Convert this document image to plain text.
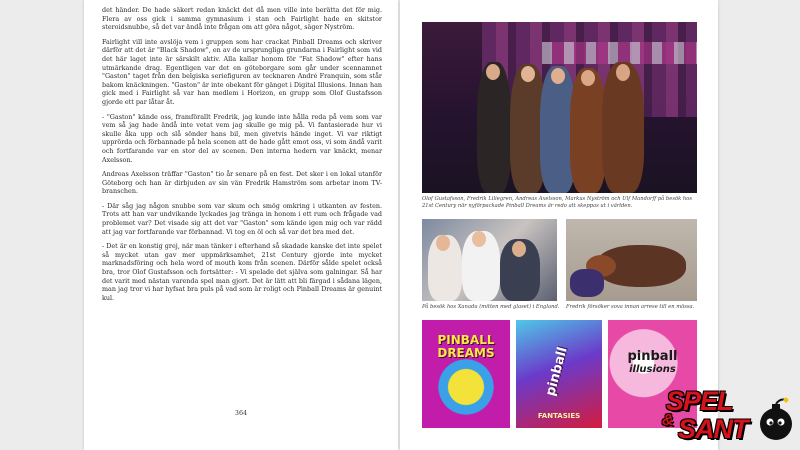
det händer. De hade säkert redan knäckt det då men ville inte berätta det för mig. Flera av oss gick i samma gymnasium i stan och Fairlight hade en skitstor steroidsnubbe, så det var ändå inte frågan om att göra något, säger Nyström.

Fairlight vill inte avslöja vem i gruppen som har crackat Pinball Dreams och skriver därför att det är "Black Shadow", en av de ursprungliga grundarna i Fairlight som vid det här laget inte är särskilt aktiv. Alla kallar honom för "Fat Shadow" efter hans utmärkande drag. Egentligen var det en göteborgare som går under scennamnet "Gaston" taget från den belgiska seriefiguren av tecknaren André Franquin, som står bakom knäckningen. "Gaston" är inte obekant för gänget i Digital Illusions. Innan han gick med i Fairlight så var han medlem i Horizon, en grupp som Olof Gustafsson gjorde ett par låtar åt.

- "Gaston" kände oss, framförallt Fredrik, jag kunde inte hålla reda på vem som var vem så jag hade ändå inte vetat vem jag skulle ge mig på. Vi fantasierade hur vi skulle åka upp och slå sönder hans bil, men givetvis hände inget. Vi var riktigt upprörda och förbannade på hela scenen att de hade gått emot oss, vi som ändå varit och fortfarande var en stor del av scenen. Den interna hedern var knäckt, menar Axelsson.

Andreas Axelsson träffar "Gaston" tio år senare på en fest. Det sker i en lokal utanför Göteborg och han är dirbjuden av sin vän Fredrik Hamström som arbetar inom TV-branschen.

- Där såg jag någon snubbe som var skum och smög omkring i utkanten av festen. Trots att han var undvikande lyckades jag tränga in honom i ett rum och frågade vad problemet var? Det visade sig att det var "Gaston" som kände igen mig och var rädd att jag var fortfarande var förbannad. Vi tog en öl och så var det bra med det.

- Det är en konstig grej, när man tänker i efterhand så skadade kanske det inte spelet så mycket utan gav mer uppmärksamhet, 21st Century gjorde inte mycket marknadsföring och hela word of mouth kom från scenen. Därför sålde spelet också bra, tror Olof Gustafsson och fortsätter: - Vi spelade det själva som galningar. Så har det varit med nästan varenda spel man gjort. Det är lätt att bli färgad i sådana lägen, man jag tror vi har hyfsat bra puls på vad som är roligt och Pinball Dreams är genuint kul.

364
Olof Gustafsson, Fredrik Liliegren, Andreas Axelsson, Markus Nyström och Ulf Mandorff på besök hos 21st Century när nyförpackade Pinball Dreams är redo att skeppas ut i världen.
På besök hos Xanadu (mitten med glaset) i England.	Fredrik försöker sova innan arrese till en mässa.
PINBALL
DREAMS	pinball
FANTASIES
pinball
illusions
SPEL
& SANT
